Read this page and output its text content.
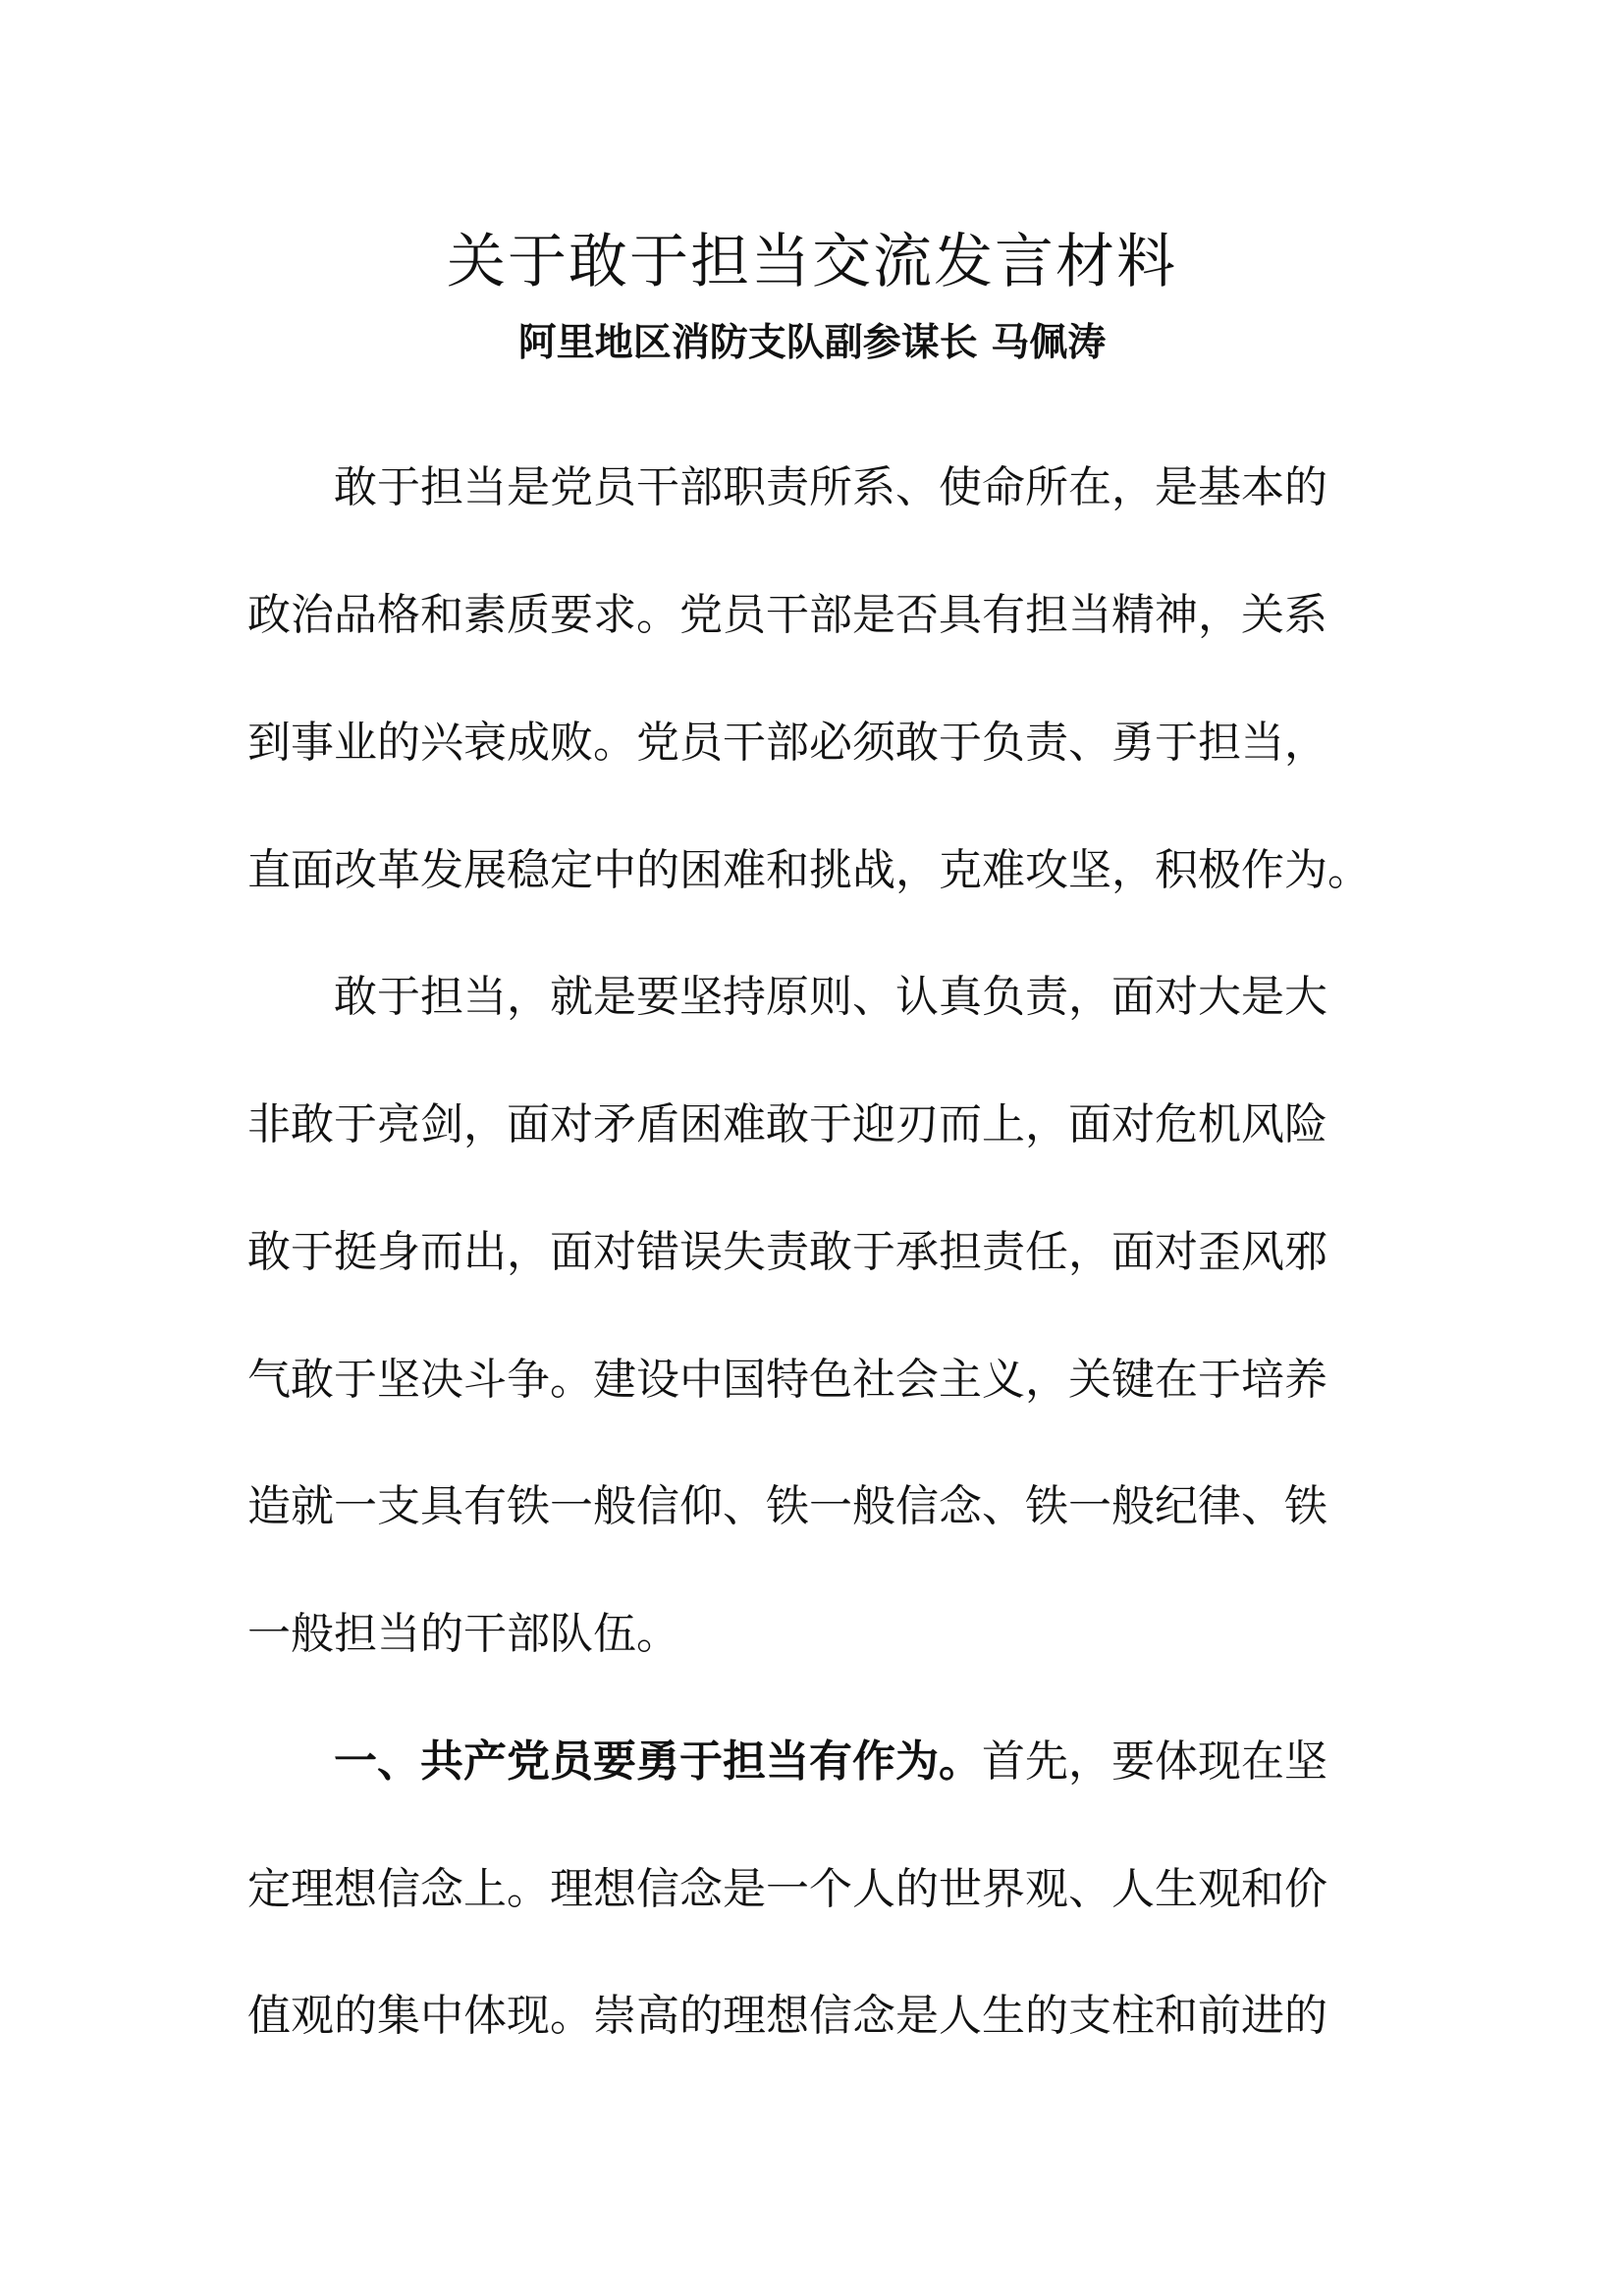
关于敢于担当交流发言材料
阿里地区消防支队副参谋长 马佩涛

敢于担当是党员干部职责所系、使命所在，是基本的

政治品格和素质要求。党员干部是否具有担当精神，关系

到事业的兴衰成败。党员干部必须敢于负责、勇于担当，

直面改革发展稳定中的困难和挑战，克难攻坚，积极作为。

敢于担当，就是要坚持原则、认真负责，面对大是大

非敢于亮剑，面对矛盾困难敢于迎刃而上，面对危机风险

敢于挺身而出，面对错误失责敢于承担责任，面对歪风邪

气敢于坚决斗争。建设中国特色社会主义，关键在于培养

造就一支具有铁一般信仰、铁一般信念、铁一般纪律、铁

一般担当的干部队伍。

一、共产党员要勇于担当有作为。首先，要体现在坚

定理想信念上。理想信念是一个人的世界观、人生观和价

值观的集中体现。崇高的理想信念是人生的支柱和前进的
